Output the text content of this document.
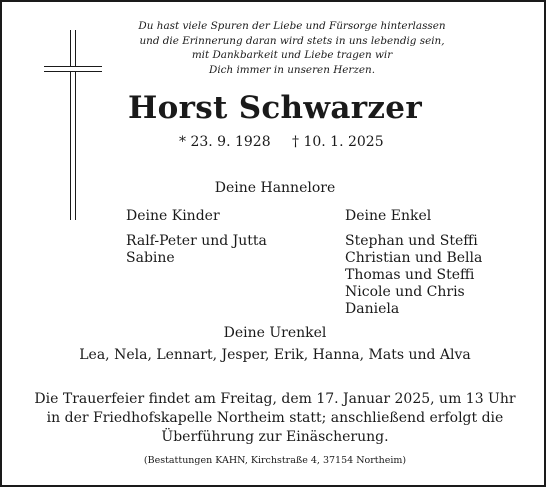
Du hast viele Spuren der Liebe und Fürsorge hinterlassen
und die Erinnerung daran wird stets in uns lebendig sein,
mit Dankbarkeit und Liebe tragen wir
Dich immer in unseren Herzen.

Horst Schwarzer
* 23. 9. 1928 † 10. 1. 2025
Deine Hannelore
Deine Kinder
Ralf-Peter und Jutta
Sabine
Deine Enkel
Stephan und Steffi
Christian und Bella
Thomas und Steffi
Nicole und Chris
Daniela
Deine Urenkel
Lea, Nela, Lennart, Jesper, Erik, Hanna, Mats und Alva
Die Trauerfeier findet am Freitag, dem 17. Januar 2025, um 13 Uhr
in der Friedhofskapelle Northeim statt; anschließend erfolgt die
Überführung zur Einäscherung.
(Bestattungen KAHN, Kirchstraße 4, 37154 Northeim)
